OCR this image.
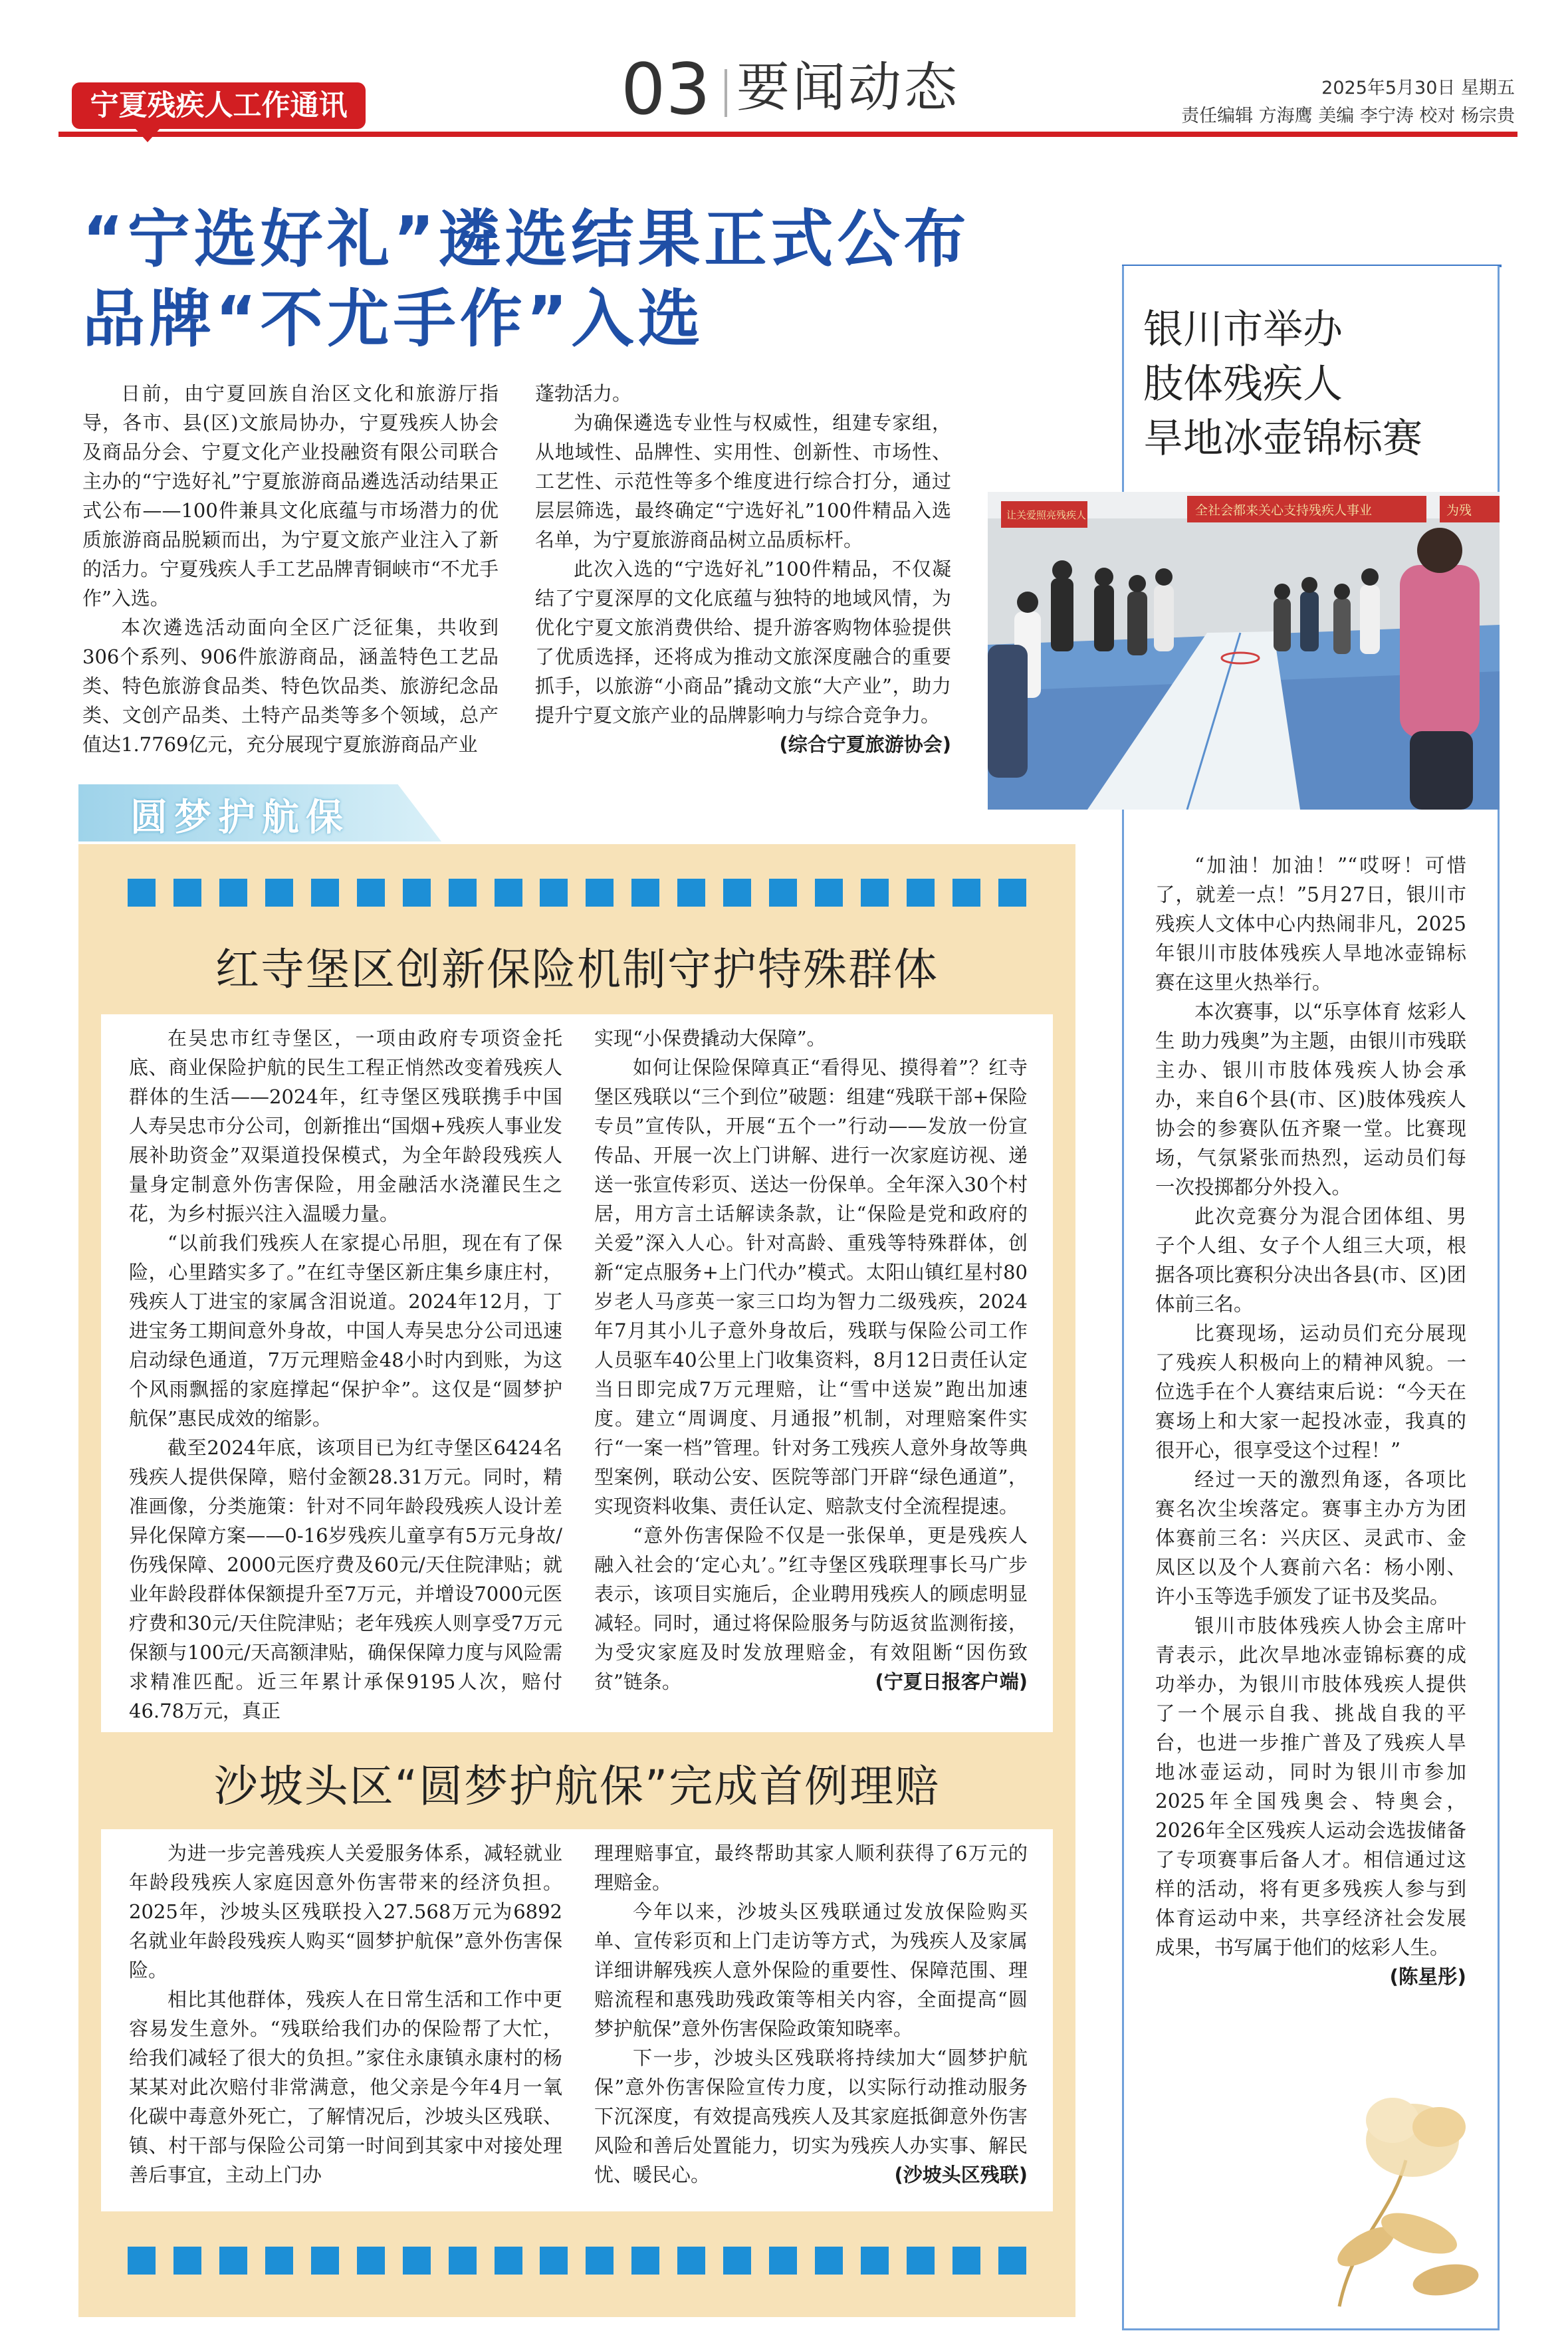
宁夏残疾人工作通讯	03 要闻动态	2025年5月30日 星期五
责任编辑 方海鹰 美编 李宁涛 校对 杨宗贵
“宁选好礼”遴选结果正式公布
品牌“不尤手作”入选

日前，由宁夏回族自治区文化和旅游厅指导，各市、县(区)文旅局协办，宁夏残疾人协会及商品分会、宁夏文化产业投融资有限公司联合主办的“宁选好礼”宁夏旅游商品遴选活动结果正式公布——100件兼具文化底蕴与市场潜力的优质旅游商品脱颖而出，为宁夏文旅产业注入了新的活力。宁夏残疾人手工艺品牌青铜峡市“不尤手作”入选。

本次遴选活动面向全区广泛征集，共收到306个系列、906件旅游商品，涵盖特色工艺品类、特色旅游食品类、特色饮品类、旅游纪念品类、文创产品类、土特产品类等多个领域，总产值达1.7769亿元，充分展现宁夏旅游商品产业

蓬勃活力。

为确保遴选专业性与权威性，组建专家组，从地域性、品牌性、实用性、创新性、市场性、工艺性、示范性等多个维度进行综合打分，通过层层筛选，最终确定“宁选好礼”100件精品入选名单，为宁夏旅游商品树立品质标杆。

此次入选的“宁选好礼”100件精品，不仅凝结了宁夏深厚的文化底蕴与独特的地域风情，为优化宁夏文旅消费供给、提升游客购物体验提供了优质选择，还将成为推动文旅深度融合的重要抓手，以旅游“小商品”撬动文旅“大产业”，助力提升宁夏文旅产业的品牌影响力与综合竞争力。
(综合宁夏旅游协会)

银川市举办
肢体残疾人
旱地冰壶锦标赛
让关爱照亮残疾人	全社会都来关心支持残疾人事业	为残

“加油！加油！”“哎呀！可惜了，就差一点！”5月27日，银川市残疾人文体中心内热闹非凡，2025年银川市肢体残疾人旱地冰壶锦标赛在这里火热举行。

本次赛事，以“乐享体育 炫彩人生 助力残奥”为主题，由银川市残联主办、银川市肢体残疾人协会承办，来自6个县(市、区)肢体残疾人协会的参赛队伍齐聚一堂。比赛现场，气氛紧张而热烈，运动员们每一次投掷都分外投入。

此次竞赛分为混合团体组、男子个人组、女子个人组三大项，根据各项比赛积分决出各县(市、区)团体前三名。

比赛现场，运动员们充分展现了残疾人积极向上的精神风貌。一位选手在个人赛结束后说：“今天在赛场上和大家一起投冰壶，我真的很开心，很享受这个过程！”

经过一天的激烈角逐，各项比赛名次尘埃落定。赛事主办方为团体赛前三名：兴庆区、灵武市、金凤区以及个人赛前六名：杨小刚、许小玉等选手颁发了证书及奖品。

银川市肢体残疾人协会主席叶青表示，此次旱地冰壶锦标赛的成功举办，为银川市肢体残疾人提供了一个展示自我、挑战自我的平台，也进一步推广普及了残疾人旱地冰壶运动，同时为银川市参加2025年全国残奥会、特奥会，2026年全区残疾人运动会选拔储备了专项赛事后备人才。相信通过这样的活动，将有更多残疾人参与到体育运动中来，共享经济社会发展成果，书写属于他们的炫彩人生。
(陈星彤)

圆梦护航保
红寺堡区创新保险机制守护特殊群体

在吴忠市红寺堡区，一项由政府专项资金托底、商业保险护航的民生工程正悄然改变着残疾人群体的生活——2024年，红寺堡区残联携手中国人寿吴忠市分公司，创新推出“国烟+残疾人事业发展补助资金”双渠道投保模式，为全年龄段残疾人量身定制意外伤害保险，用金融活水浇灌民生之花，为乡村振兴注入温暖力量。

“以前我们残疾人在家提心吊胆，现在有了保险，心里踏实多了。”在红寺堡区新庄集乡康庄村，残疾人丁进宝的家属含泪说道。2024年12月，丁进宝务工期间意外身故，中国人寿吴忠分公司迅速启动绿色通道，7万元理赔金48小时内到账，为这个风雨飘摇的家庭撑起“保护伞”。这仅是“圆梦护航保”惠民成效的缩影。

截至2024年底，该项目已为红寺堡区6424名残疾人提供保障，赔付金额28.31万元。同时，精准画像，分类施策：针对不同年龄段残疾人设计差异化保障方案——0-16岁残疾儿童享有5万元身故/伤残保障、2000元医疗费及60元/天住院津贴；就业年龄段群体保额提升至7万元，并增设7000元医疗费和30元/天住院津贴；老年残疾人则享受7万元保额与100元/天高额津贴，确保保障力度与风险需求精准匹配。近三年累计承保9195人次，赔付46.78万元，真正

实现“小保费撬动大保障”。

如何让保险保障真正“看得见、摸得着”？红寺堡区残联以“三个到位”破题：组建“残联干部+保险专员”宣传队，开展“五个一”行动——发放一份宣传品、开展一次上门讲解、进行一次家庭访视、递送一张宣传彩页、送达一份保单。全年深入30个村居，用方言土话解读条款，让“保险是党和政府的关爱”深入人心。针对高龄、重残等特殊群体，创新“定点服务+上门代办”模式。太阳山镇红星村80岁老人马彦英一家三口均为智力二级残疾，2024年7月其小儿子意外身故后，残联与保险公司工作人员驱车40公里上门收集资料，8月12日责任认定当日即完成7万元理赔，让“雪中送炭”跑出加速度。建立“周调度、月通报”机制，对理赔案件实行“一案一档”管理。针对务工残疾人意外身故等典型案例，联动公安、医院等部门开辟“绿色通道”，实现资料收集、责任认定、赔款支付全流程提速。

“意外伤害保险不仅是一张保单，更是残疾人融入社会的‘定心丸’。”红寺堡区残联理事长马广步表示，该项目实施后，企业聘用残疾人的顾虑明显减轻。同时，通过将保险服务与防返贫监测衔接，为受灾家庭及时发放理赔金，有效阻断“因伤致贫”链条。	(宁夏日报客户端)

沙坡头区“圆梦护航保”完成首例理赔

为进一步完善残疾人关爱服务体系，减轻就业年龄段残疾人家庭因意外伤害带来的经济负担。2025年，沙坡头区残联投入27.568万元为6892名就业年龄段残疾人购买“圆梦护航保”意外伤害保险。

相比其他群体，残疾人在日常生活和工作中更容易发生意外。“残联给我们办的保险帮了大忙，给我们减轻了很大的负担。”家住永康镇永康村的杨某某对此次赔付非常满意，他父亲是今年4月一氧化碳中毒意外死亡，了解情况后，沙坡头区残联、镇、村干部与保险公司第一时间到其家中对接处理善后事宜，主动上门办

理理赔事宜，最终帮助其家人顺利获得了6万元的理赔金。

今年以来，沙坡头区残联通过发放保险购买单、宣传彩页和上门走访等方式，为残疾人及家属详细讲解残疾人意外保险的重要性、保障范围、理赔流程和惠残助残政策等相关内容，全面提高“圆梦护航保”意外伤害保险政策知晓率。

下一步，沙坡头区残联将持续加大“圆梦护航保”意外伤害保险宣传力度，以实际行动推动服务下沉深度，有效提高残疾人及其家庭抵御意外伤害风险和善后处置能力，切实为残疾人办实事、解民忧、暖民心。	(沙坡头区残联)
